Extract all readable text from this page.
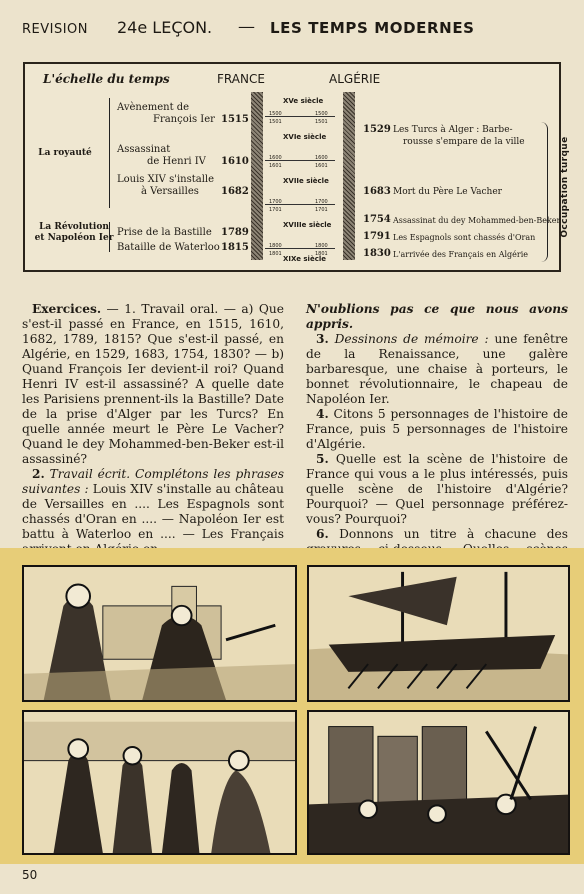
REVISION 24e LEÇON. — LES TEMPS MODERNES
L'échelle du temps	FRANCE	ALGÉRIE
La royauté
La Révolution et Napoléon Ier
Avènement de
François Ier 1515
Assassinat
de Henri IV 1610
Louis XIV s'installe
à Versailles 1682
Prise de la Bastille 1789
Bataille de Waterloo 1815
1500	1500
1501	1501
1600	1600
1601	1601
1700	1700
1701	1701
1800	1800
1801	1801
XVe siècle
XVIe siècle
XVIIe siècle
XVIIIe siècle
XIXe siècle
1529 Les Turcs à Alger : Barbe-
rousse s'empare de la ville
1683 Mort du Père Le Vacher
1754 Assassinat du dey Mohammed-ben-Beker
1791 Les Espagnols sont chassés d'Oran
1830 L'arrivée des Français en Algérie
Occupation turque

Exercices. — 1. Travail oral. — a) Que s'est-il passé en France, en 1515, 1610, 1682, 1789, 1815? Que s'est-il passé, en Algérie, en 1529, 1683, 1754, 1830? — b) Quand François Ier devient-il roi? Quand Henri IV est-il assassiné? A quelle date les Parisiens prennent-ils la Bastille? Date de la prise d'Alger par les Turcs? En quelle année meurt le Père Le Vacher? Quand le dey Mohammed-ben-Beker est-il assassiné?

2. Travail écrit. Complétons les phrases suivantes : Louis XIV s'installe au château de Versailles en .... Les Espagnols sont chassés d'Oran en .... — Napoléon Ier est battu à Waterloo en .... — Les Français

N'oublions pas ce que nous avons appris.

3. Dessinons de mémoire : une fenêtre de la Renaissance, une galère barbaresque, une chaise à porteurs, le bonnet révolutionnaire, le chapeau de Napoléon Ier.

4. Citons 5 personnages de l'histoire de France, puis 5 personnages de l'histoire d'Algérie.

5. Quelle est la scène de l'histoire de France qui vous a le plus intéressés, puis quelle scène de l'histoire d'Algérie? Pourquoi? — Quel personnage préférez-vous? Pourquoi?

6. Donnons un titre à chacune des

50
